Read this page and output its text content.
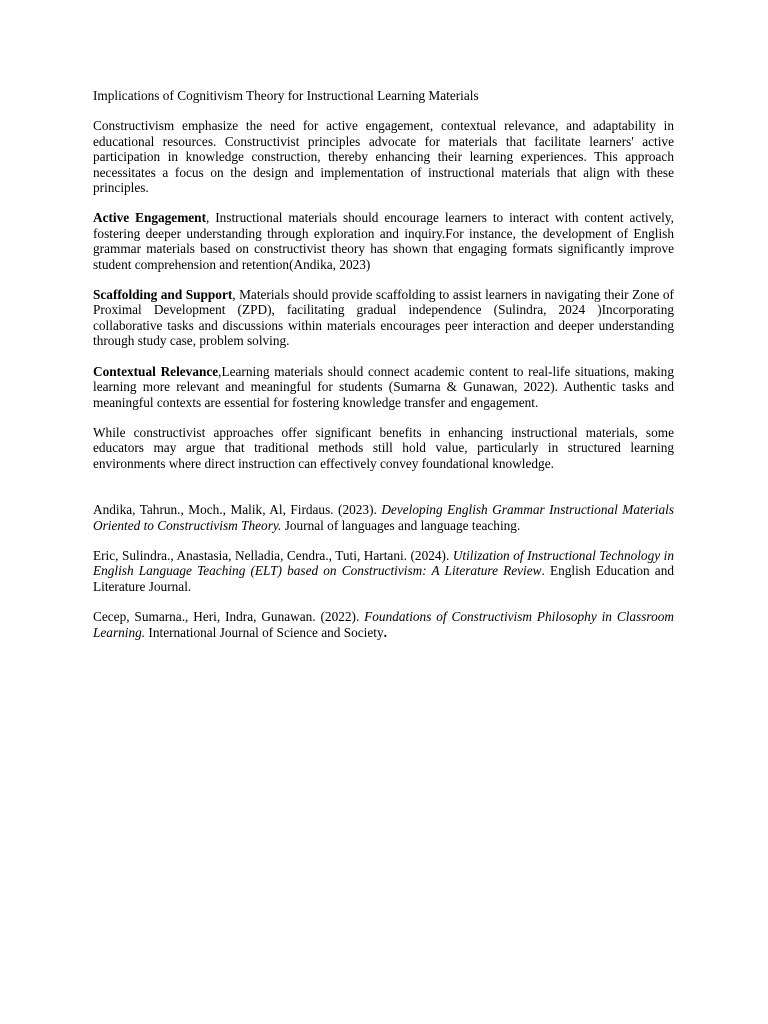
Implications of Cognitivism Theory for Instructional Learning Materials

Constructivism emphasize the need for active engagement, contextual relevance, and adaptability in educational resources. Constructivist principles advocate for materials that facilitate learners' active participation in knowledge construction, thereby enhancing their learning experiences. This approach necessitates a focus on the design and implementation of instructional materials that align with these principles.

Active Engagement, Instructional materials should encourage learners to interact with content actively, fostering deeper understanding through exploration and inquiry.For instance, the development of English grammar materials based on constructivist theory has shown that engaging formats significantly improve student comprehension and retention(Andika, 2023)

Scaffolding and Support, Materials should provide scaffolding to assist learners in navigating their Zone of Proximal Development (ZPD), facilitating gradual independence (Sulindra, 2024 )Incorporating collaborative tasks and discussions within materials encourages peer interaction and deeper understanding through study case, problem solving.

Contextual Relevance,Learning materials should connect academic content to real-life situations, making learning more relevant and meaningful for students (Sumarna & Gunawan, 2022). Authentic tasks and meaningful contexts are essential for fostering knowledge transfer and engagement.

While constructivist approaches offer significant benefits in enhancing instructional materials, some educators may argue that traditional methods still hold value, particularly in structured learning environments where direct instruction can effectively convey foundational knowledge.

Andika, Tahrun., Moch., Malik, Al, Firdaus. (2023). Developing English Grammar Instructional Materials Oriented to Constructivism Theory. Journal of languages and language teaching.

Eric, Sulindra., Anastasia, Nelladia, Cendra., Tuti, Hartani. (2024). Utilization of Instructional Technology in English Language Teaching (ELT) based on Constructivism: A Literature Review. English Education and Literature Journal.

Cecep, Sumarna., Heri, Indra, Gunawan. (2022). Foundations of Constructivism Philosophy in Classroom Learning. International Journal of Science and Society.
